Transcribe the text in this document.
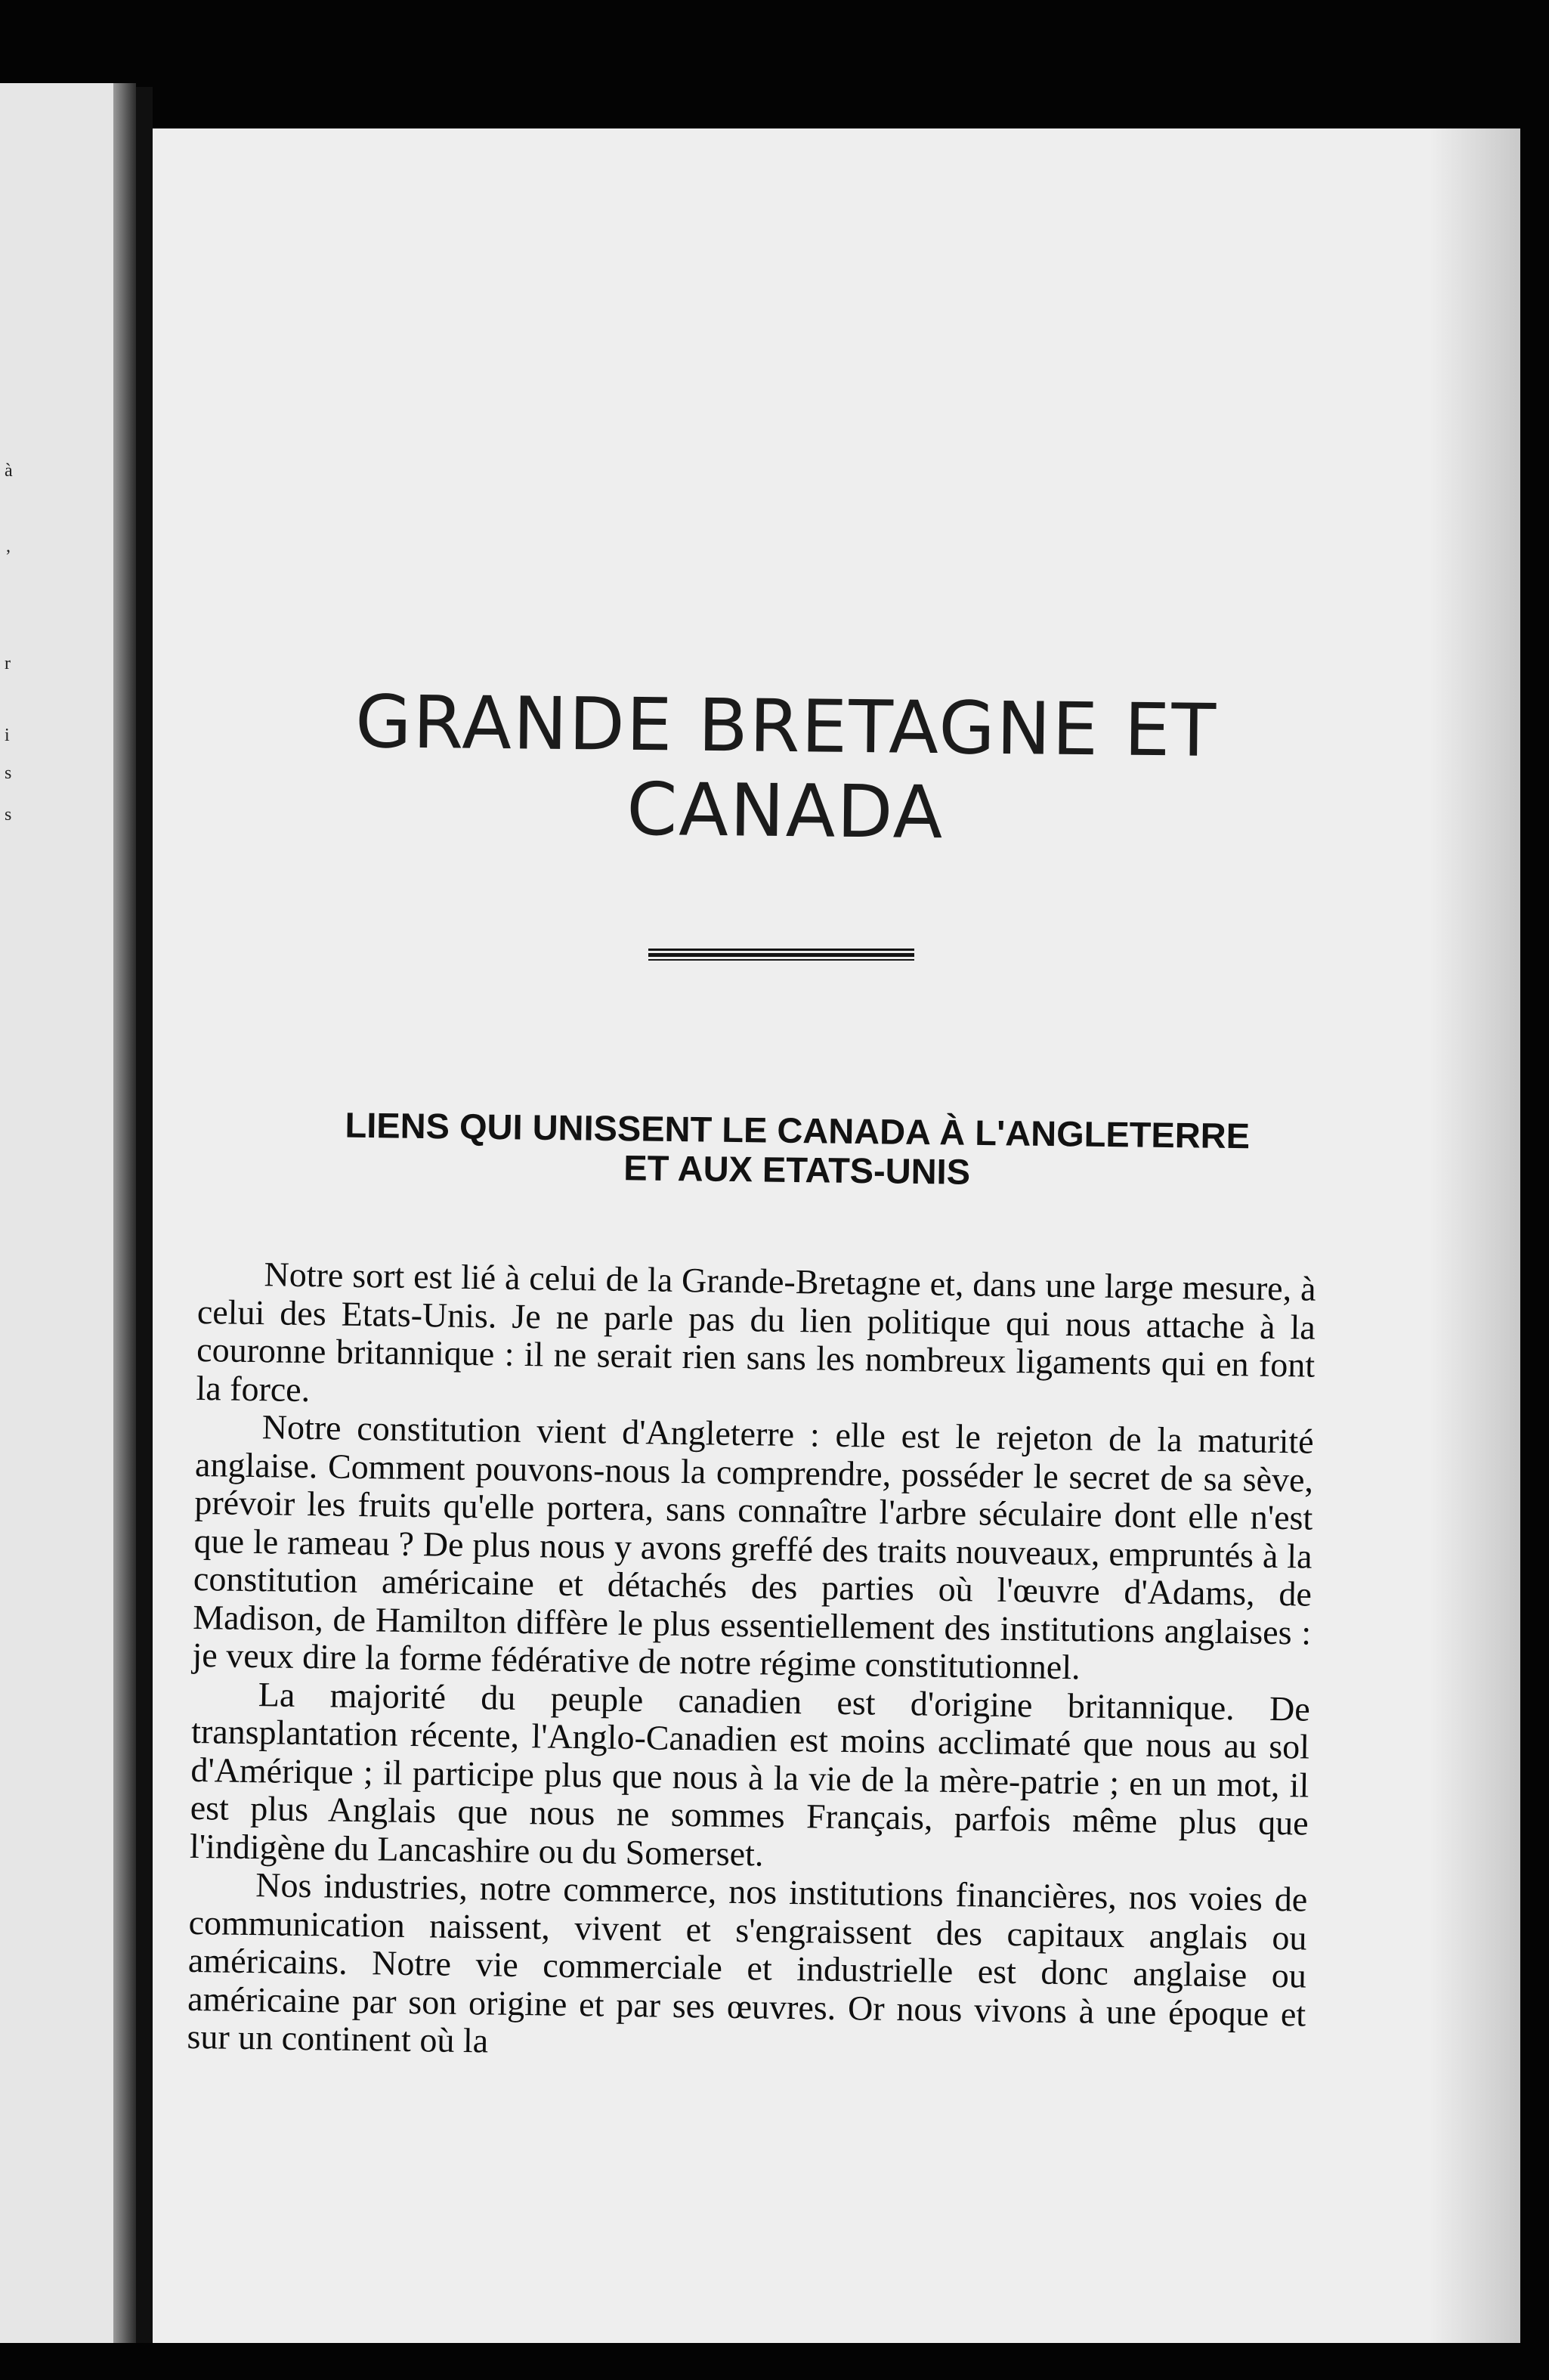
à
,
r
i
s
s
GRANDE BRETAGNE ET CANADA
LIENS QUI UNISSENT LE CANADA À L'ANGLETERRE
ET AUX ETATS-UNIS

Notre sort est lié à celui de la Grande-Bretagne et, dans une large mesure, à celui des Etats-Unis. Je ne parle pas du lien politique qui nous attache à la couronne britannique : il ne serait rien sans les nombreux ligaments qui en font la force.

Notre constitution vient d'Angleterre : elle est le rejeton de la maturité anglaise. Comment pouvons-nous la comprendre, posséder le secret de sa sève, prévoir les fruits qu'elle portera, sans connaître l'arbre séculaire dont elle n'est que le rameau ? De plus nous y avons greffé des traits nouveaux, empruntés à la constitution américaine et détachés des parties où l'œuvre d'Adams, de Madison, de Hamilton diffère le plus essentiellement des institutions anglaises : je veux dire la forme fédérative de notre régime constitutionnel.

La majorité du peuple canadien est d'origine britannique. De transplantation récente, l'Anglo-Canadien est moins acclimaté que nous au sol d'Amérique ; il participe plus que nous à la vie de la mère-patrie ; en un mot, il est plus Anglais que nous ne sommes Français, parfois même plus que l'indigène du Lancashire ou du Somerset.

Nos industries, notre commerce, nos institutions financières, nos voies de communication naissent, vivent et s'engraissent des capitaux anglais ou américains. Notre vie commerciale et industrielle est donc anglaise ou américaine par son origine et par ses œuvres. Or nous vivons à une époque et sur un continent où la
